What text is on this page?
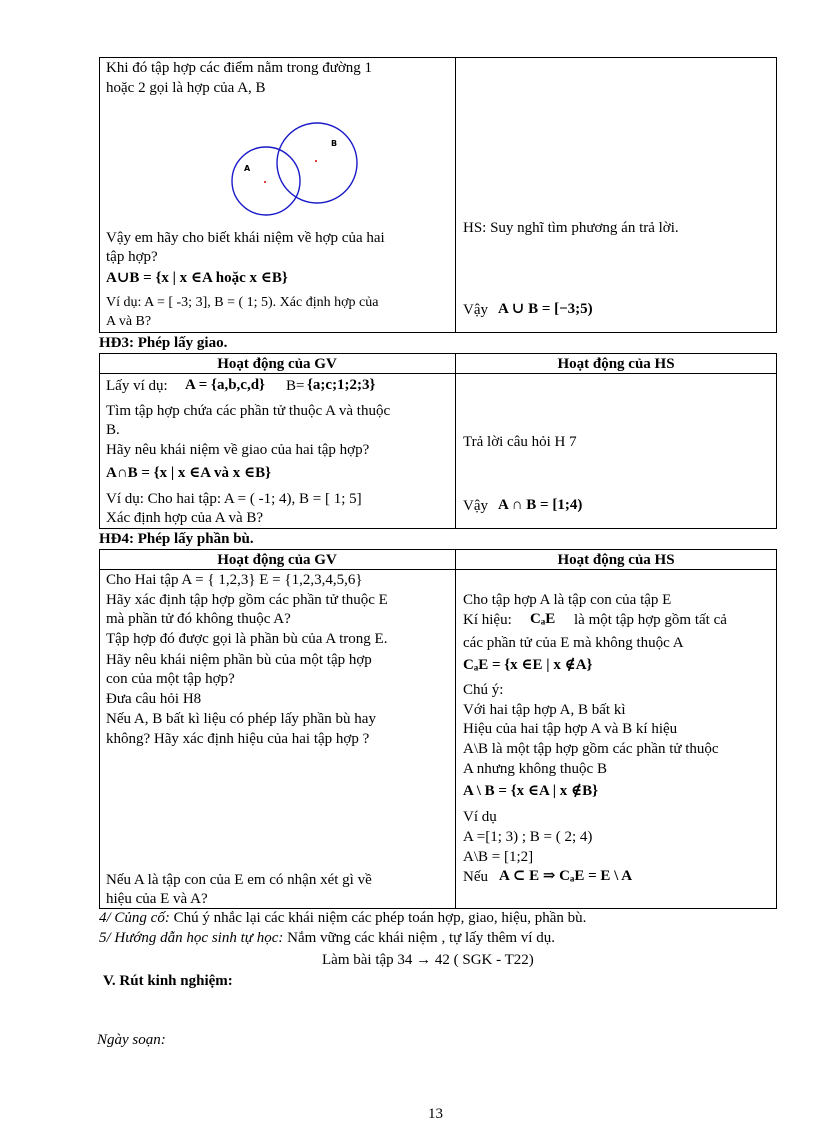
Khi đó tập hợp các điểm nằm trong đường 1
hoặc 2 gọi là hợp của A, B
A
B
Vậy em hãy cho biết khái niệm về hợp của hai
tập hợp?
A∪B = {x | x ∈A hoặc x ∈B}
Ví dụ: A = [ -3; 3], B = ( 1; 5). Xác định hợp của
A và B?
HS: Suy nghĩ tìm phương án trả lời.
Vậy A ∪ B = [−3;5)
HĐ3: Phép lấy giao.
Hoạt động của GV	Hoạt động của HS
Lấy ví dụ: A = {a,b,c,d} B= {a;c;1;2;3}
Tìm tập hợp chứa các phần tử thuộc A và thuộc
B.
Hãy nêu khái niệm về giao của hai tập hợp?
A∩B = {x | x ∈A và x ∈B}
Ví dụ: Cho hai tập: A = ( -1; 4), B = [ 1; 5]
Xác định hợp của A và B?
Trả lời câu hỏi H 7
Vậy A ∩ B = [1;4)
HĐ4: Phép lấy phần bù.
Hoạt động của GV	Hoạt động của HS
Cho Hai tập A = { 1,2,3} E = {1,2,3,4,5,6}
Hãy xác định tập hợp gồm các phần tử thuộc E
mà phần tử đó không thuộc A?
Tập hợp đó được gọi là phần bù của A trong E.
Hãy nêu khái niệm phần bù của một tập hợp
con của một tập hợp?
Đưa câu hỏi H8
Nếu A, B bất kì liệu có phép lấy phần bù hay
không? Hãy xác định hiệu của hai tập hợp ?
Nếu A là tập con của E em có nhận xét gì về
hiệu của E và A?
Cho tập hợp A là tập con của tập E
Kí hiệu: CₐE là một tập hợp gồm tất cả
các phần tử của E mà không thuộc A
CₐE = {x ∈E | x ∉A}
Chú ý:
Với hai tập hợp A, B bất kì
Hiệu của hai tập hợp A và B kí hiệu
A\B là một tập hợp gồm các phần tử thuộc
A nhưng không thuộc B
A \ B = {x ∈A | x ∉B}
Ví dụ
A =[1; 3) ; B = ( 2; 4)
A\B = [1;2]
Nếu A ⊂ E ⇒ CₐE = E \ A
4/ Củng cố: Chú ý nhắc lại các khái niệm các phép toán hợp, giao, hiệu, phần bù.
5/ Hướng dẫn học sinh tự học: Nắm vững các khái niệm , tự lấy thêm ví dụ.
Làm bài tập 34 → 42 ( SGK - T22)
V. Rút kinh nghiệm:
Ngày soạn:
13
